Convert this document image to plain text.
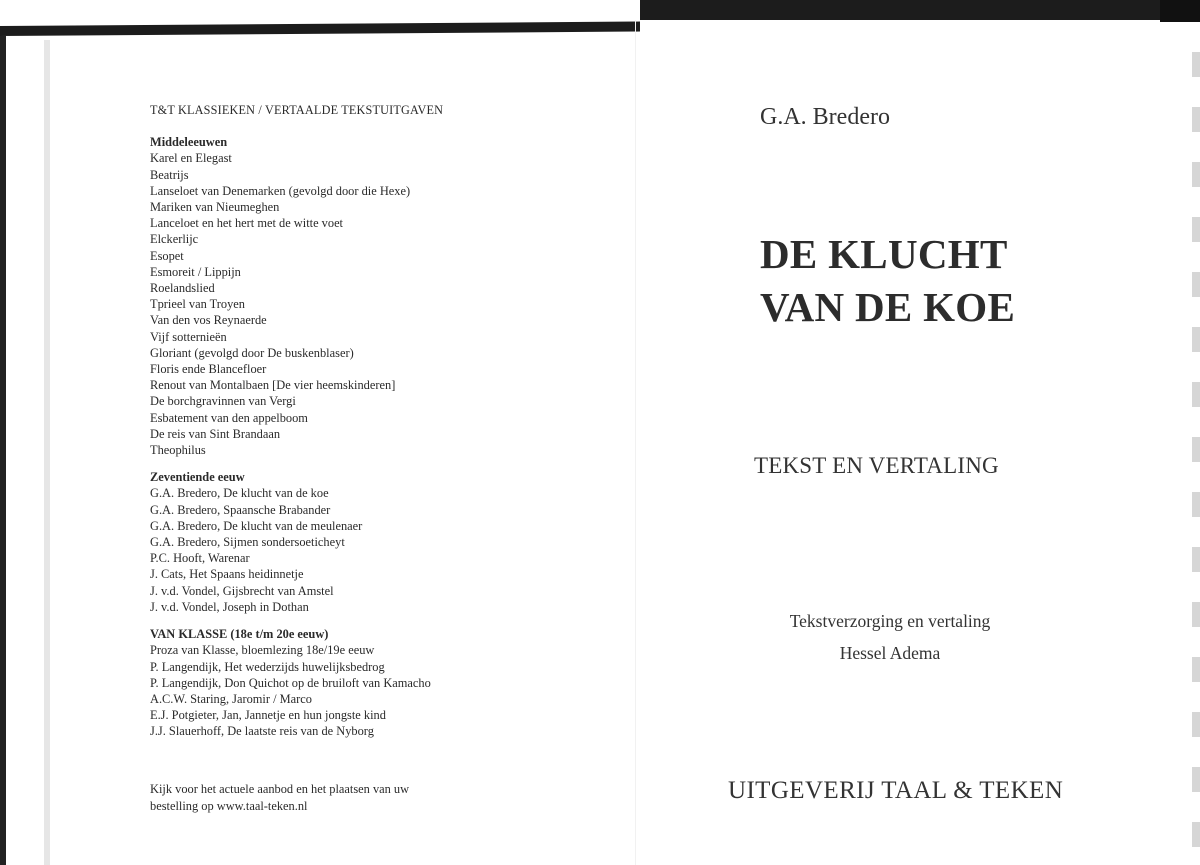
T&T KLASSIEKEN / VERTAALDE TEKSTUITGAVEN
Middeleeuwen
Karel en Elegast
Beatrijs
Lanseloet van Denemarken (gevolgd door die Hexe)
Mariken van Nieumeghen
Lanceloet en het hert met de witte voet
Elckerlijc
Esopet
Esmoreit / Lippijn
Roelandslied
Tprieel van Troyen
Van den vos Reynaerde
Vijf sotternieën
Gloriant (gevolgd door De buskenblaser)
Floris ende Blancefloer
Renout van Montalbaen [De vier heemskinderen]
De borchgravinnen van Vergi
Esbatement van den appelboom
De reis van Sint Brandaan
Theophilus
Zeventiende eeuw
G.A. Bredero, De klucht van de koe
G.A. Bredero, Spaansche Brabander
G.A. Bredero, De klucht van de meulenaer
G.A. Bredero, Sijmen sondersoeticheyt
P.C. Hooft, Warenar
J. Cats, Het Spaans heidinnetje
J. v.d. Vondel, Gijsbrecht van Amstel
J. v.d. Vondel, Joseph in Dothan
VAN KLASSE (18e t/m 20e eeuw)
Proza van Klasse, bloemlezing 18e/19e eeuw
P. Langendijk, Het wederzijds huwelijksbedrog
P. Langendijk, Don Quichot op de bruiloft van Kamacho
A.C.W. Staring, Jaromir / Marco
E.J. Potgieter, Jan, Jannetje en hun jongste kind
J.J. Slauerhoff, De laatste reis van de Nyborg
Kijk voor het actuele aanbod en het plaatsen van uw
bestelling op www.taal-teken.nl
G.A. Bredero
DE KLUCHT
VAN DE KOE
TEKST EN VERTALING
Tekstverzorging en vertaling
Hessel Adema
UITGEVERIJ TAAL & TEKEN
